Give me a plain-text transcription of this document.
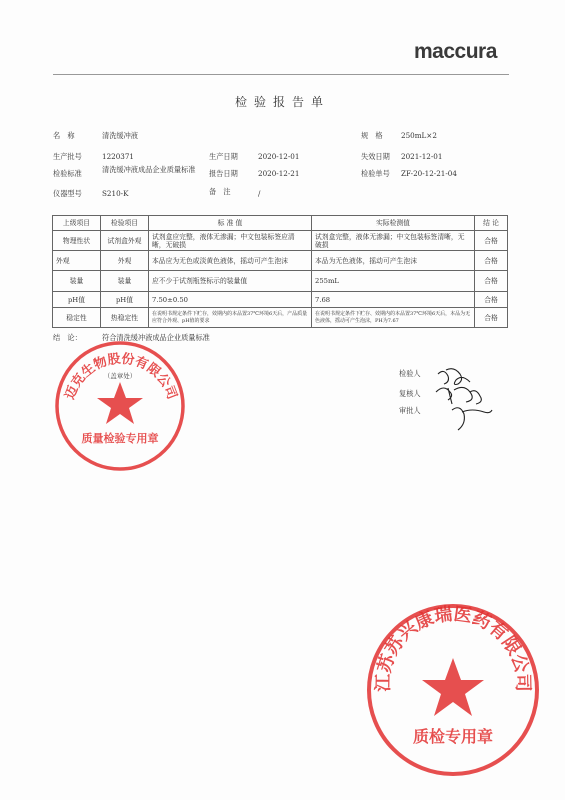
maccura
检验报告单
名　称	清洗缓冲液	规　格	250mL×2
生产批号	1220371	生产日期	2020-12-01	失效日期 2021-12-01
检验标准	清洗缓冲液成品企业质量标准	报告日期	2020-12-21	检验单号 ZF-20-12-21-04
仪器型号	S210-K	备　注	/
上级项目	检验项目	标 准 值	实际检测值	结 论
物理性状	试剂盒外观	试剂盒应完整，液体无渗漏；中文包装标签应清晰，无破损	试剂盒完整，液体无渗漏；中文包装标签清晰，无破损	合格
外观	外观	本品应为无色或淡黄色液体，摇动可产生泡沫	本品为无色液体，摇动可产生泡沫	合格
装量	装量	应不少于试剂瓶签标示的装量值	255mL	合格
pH值	pH值	7.50±0.50	7.68	合格
稳定性	热稳定性	在说明书规定条件下贮存，效期内的本品置37℃环境6天后，产品质量应符合外观、pH值的要求	在说明书规定条件下贮存、效期内的本品置37℃环境6天后，本品为无色液体，摇动可产生泡沫，PH为7.67	合格
结　论：	符合清洗缓冲液成品企业质量标准
检验人
复核人
审批人
迈克生物股份有限公司
（盖章处）
质量检验专用章
江苏苏兴康瑞医药有限公司
质检专用章
